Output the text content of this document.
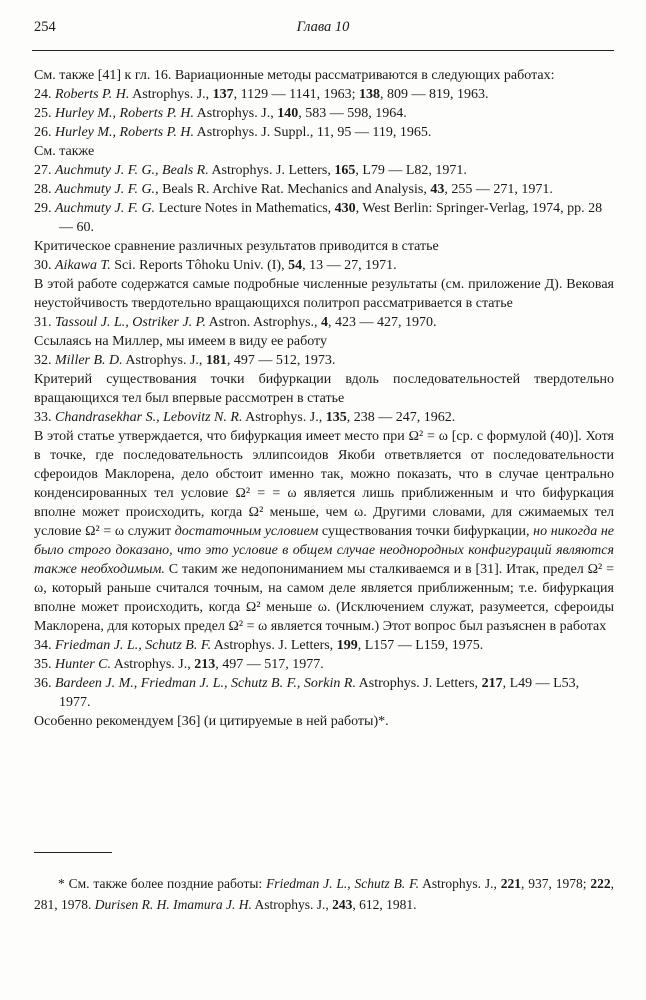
254	Глава 10

См. также [41] к гл. 16. Вариационные методы рассматриваются в следующих работах:

24. Roberts P. H. Astrophys. J., 137, 1129 — 1141, 1963; 138, 809 — 819, 1963.

25. Hurley M., Roberts P. H. Astrophys. J., 140, 583 — 598, 1964.

26. Hurley M., Roberts P. H. Astrophys. J. Suppl., 11, 95 — 119, 1965.

См. также

27. Auchmuty J. F. G., Beals R. Astrophys. J. Letters, 165, L79 — L82, 1971.

28. Auchmuty J. F. G., Beals R. Archive Rat. Mechanics and Analysis, 43, 255 — 271, 1971.

29. Auchmuty J. F. G. Lecture Notes in Mathematics, 430, West Berlin: Springer-Verlag, 1974, pp. 28 — 60.

Критическое сравнение различных результатов приводится в статье

30. Aikawa T. Sci. Reports Tôhoku Univ. (I), 54, 13 — 27, 1971.

В этой работе содержатся самые подробные численные результаты (см. приложение Д). Вековая неустойчивость твердотельно вращающихся политроп рассматривается в статье

31. Tassoul J. L., Ostriker J. P. Astron. Astrophys., 4, 423 — 427, 1970.

Ссылаясь на Миллер, мы имеем в виду ее работу

32. Miller B. D. Astrophys. J., 181, 497 — 512, 1973.

Критерий существования точки бифуркации вдоль последовательностей твердотельно вращающихся тел был впервые рассмотрен в статье

33. Chandrasekhar S., Lebovitz N. R. Astrophys. J., 135, 238 — 247, 1962.

В этой статье утверждается, что бифуркация имеет место при Ω² = ω [ср. с формулой (40)]. Хотя в точке, где последовательность эллипсоидов Якоби ответвляется от последовательности сфероидов Маклорена, дело обстоит именно так, можно показать, что в случае центрально конденсированных тел условие Ω² = = ω является лишь приближенным и что бифуркация вполне может происходить, когда Ω² меньше, чем ω. Другими словами, для сжимаемых тел условие Ω² = ω служит достаточным условием существования точки бифуркации, но никогда не было строго доказано, что это условие в общем случае неоднородных конфигураций являются также необходимым. С таким же недопониманием мы сталкиваемся и в [31]. Итак, предел Ω² = ω, который раньше считался точным, на самом деле является приближенным; т.е. бифуркация вполне может происходить, когда Ω² меньше ω. (Исключением служат, разумеется, сфероиды Маклорена, для которых предел Ω² = ω является точным.) Этот вопрос был разъяснен в работах

34. Friedman J. L., Schutz B. F. Astrophys. J. Letters, 199, L157 — L159, 1975.

35. Hunter C. Astrophys. J., 213, 497 — 517, 1977.

36. Bardeen J. M., Friedman J. L., Schutz B. F., Sorkin R. Astrophys. J. Letters, 217, L49 — L53, 1977.

Особенно рекомендуем [36] (и цитируемые в ней работы)*.

* См. также более поздние работы: Friedman J. L., Schutz B. F. Astrophys. J., 221, 937, 1978; 222, 281, 1978. Durisen R. H. Imamura J. H. Astrophys. J., 243, 612, 1981.
